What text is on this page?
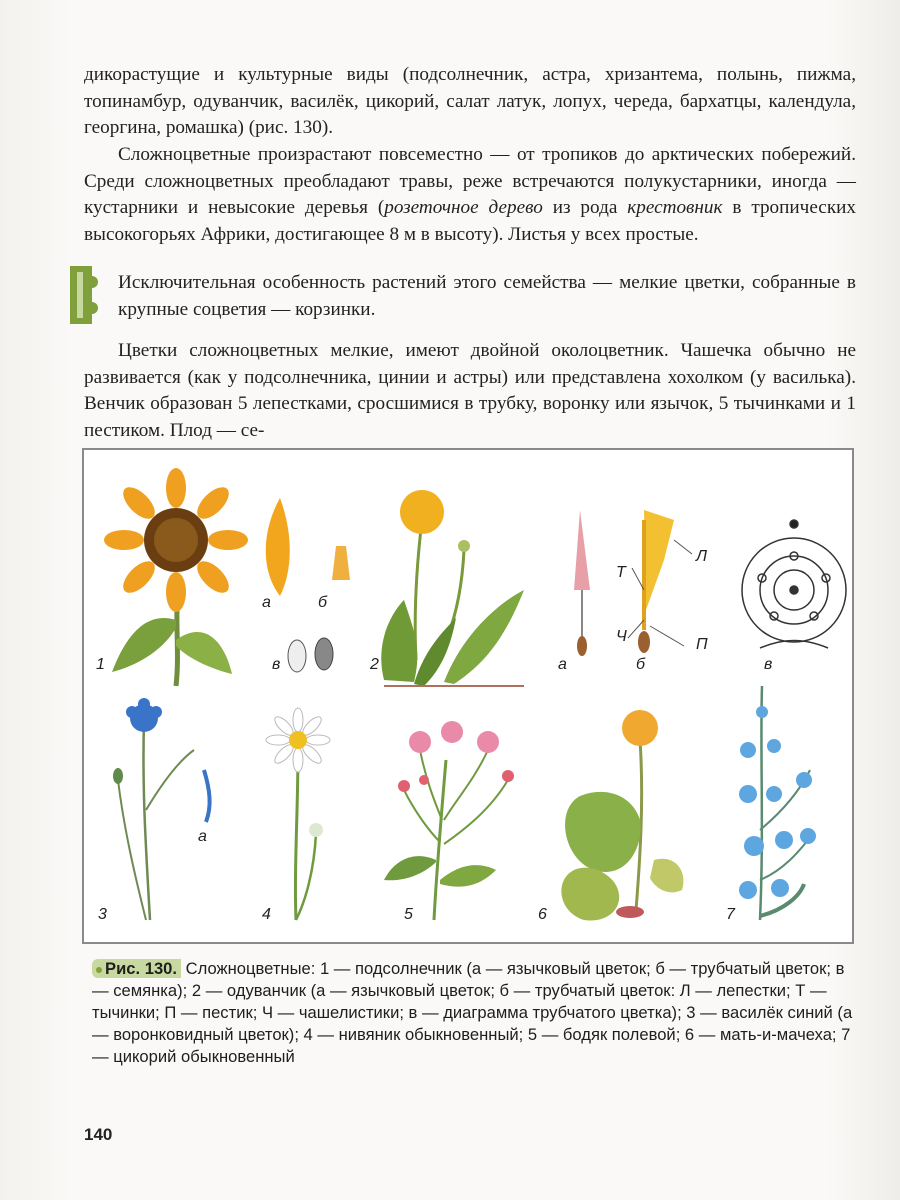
дикорастущие и культурные виды (подсолнечник, астра, хризантема, полынь, пижма, топинамбур, одуванчик, василёк, цикорий, салат латук, лопух, череда, бархатцы, календула, георгина, ромашка) (рис. 130).

Сложноцветные произрастают повсеместно — от тропиков до арктических побережий. Среди сложноцветных преобладают травы, реже встречаются полукустарники, иногда — кустарники и невысокие деревья (розеточное дерево из рода крестовник в тропических высокогорьях Африки, достигающее 8 м в высоту). Листья у всех простые.

Исключительная особенность растений этого семейства — мелкие цветки, собранные в крупные соцветия — корзинки.

Цветки сложноцветных мелкие, имеют двойной околоцветник. Чашечка обычно не развивается (как у подсолнечника, цинии и астры) или представлена хохолком (у василька). Венчик образован 5 лепестками, сросшимися в трубку, воронку или язычок, 5 тычинками и 1 пестиком. Плод — се-

1
а	б
в	2	а	б
Т
Л
Ч	П
в
3
а
4	5	6	7
Рис. 130. Сложноцветные: 1 — подсолнечник (а — язычковый цветок; б — трубчатый цветок; в — семянка); 2 — одуванчик (а — язычковый цветок; б — трубчатый цветок: Л — лепестки; Т — тычинки; П — пестик; Ч — чашелистики; в — диаграмма трубчатого цветка); 3 — василёк синий (а — воронковидный цветок); 4 — нивяник обыкновенный; 5 — бодяк полевой; 6 — мать-и-мачеха; 7 — цикорий обыкновенный
140
